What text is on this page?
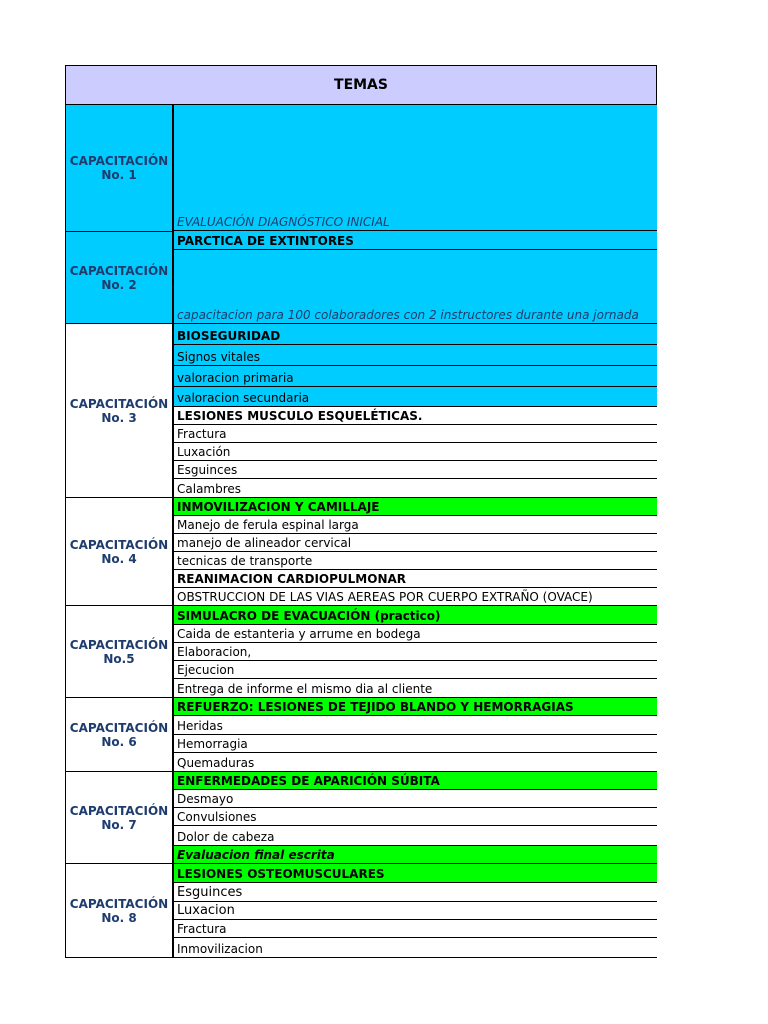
TEMAS
CAPACITACIÓN
No. 1
CAPACITACIÓN
No. 2
CAPACITACIÓN
No. 3
CAPACITACIÓN
No. 4
CAPACITACIÓN
No.5
CAPACITACIÓN
No. 6
CAPACITACIÓN
No. 7
CAPACITACIÓN
No. 8
EVALUACIÓN DIAGNÓSTICO INICIAL
PARCTICA DE EXTINTORES
capacitacion para 100 colaboradores con 2 instructores durante una jornada
BIOSEGURIDAD
Signos vitales
valoracion primaria
valoracion secundaria
LESIONES MUSCULO ESQUELÉTICAS.
Fractura
Luxación
Esguinces
Calambres
INMOVILIZACION Y CAMILLAJE
Manejo de ferula espinal larga
manejo de alineador cervical
tecnicas de transporte
REANIMACION CARDIOPULMONAR
OBSTRUCCION DE LAS VIAS AEREAS POR CUERPO EXTRAÑO (OVACE)
SIMULACRO DE EVACUACIÓN (practico)
Caida de estanteria y arrume en bodega
Elaboracion,
Ejecucion
Entrega de informe el mismo dia al cliente
REFUERZO: LESIONES DE TEJIDO BLANDO Y HEMORRAGIAS
Heridas
Hemorragia
Quemaduras
ENFERMEDADES DE APARICIÓN SÚBITA
Desmayo
Convulsiones
Dolor de cabeza
Evaluacion final escrita
LESIONES OSTEOMUSCULARES
Esguinces
Luxacion
Fractura
Inmovilizacion
